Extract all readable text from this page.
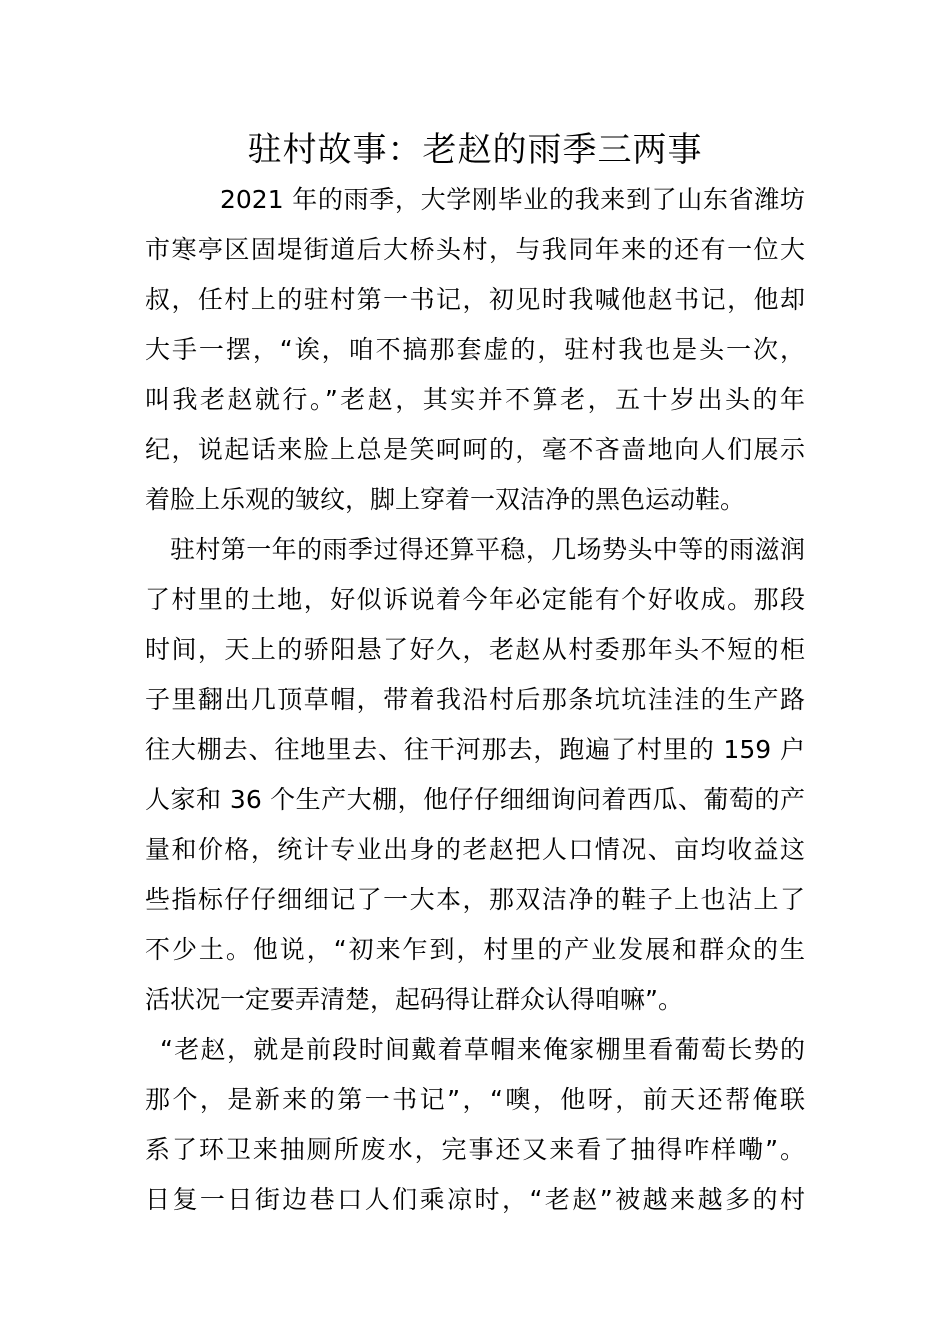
驻村故事：老赵的雨季三两事
2021 年的雨季，大学刚毕业的我来到了山东省潍坊
市寒亭区固堤街道后大桥头村，与我同年来的还有一位大
叔，任村上的驻村第一书记，初见时我喊他赵书记，他却
大手一摆，“诶，咱不搞那套虚的，驻村我也是头一次，
叫我老赵就行。”老赵，其实并不算老，五十岁出头的年
纪，说起话来脸上总是笑呵呵的，毫不吝啬地向人们展示
着脸上乐观的皱纹，脚上穿着一双洁净的黑色运动鞋。
驻村第一年的雨季过得还算平稳，几场势头中等的雨滋润
了村里的土地，好似诉说着今年必定能有个好收成。那段
时间，天上的骄阳悬了好久，老赵从村委那年头不短的柜
子里翻出几顶草帽，带着我沿村后那条坑坑洼洼的生产路
往大棚去、往地里去、往干河那去，跑遍了村里的 159 户
人家和 36 个生产大棚，他仔仔细细询问着西瓜、葡萄的产
量和价格，统计专业出身的老赵把人口情况、亩均收益这
些指标仔仔细细记了一大本，那双洁净的鞋子上也沾上了
不少土。他说，“初来乍到，村里的产业发展和群众的生
活状况一定要弄清楚，起码得让群众认得咱嘛”。
“老赵，就是前段时间戴着草帽来俺家棚里看葡萄长势的
那个，是新来的第一书记”，“噢，他呀，前天还帮俺联
系了环卫来抽厕所废水，完事还又来看了抽得咋样嘞”。
日复一日街边巷口人们乘凉时，“老赵”被越来越多的村
